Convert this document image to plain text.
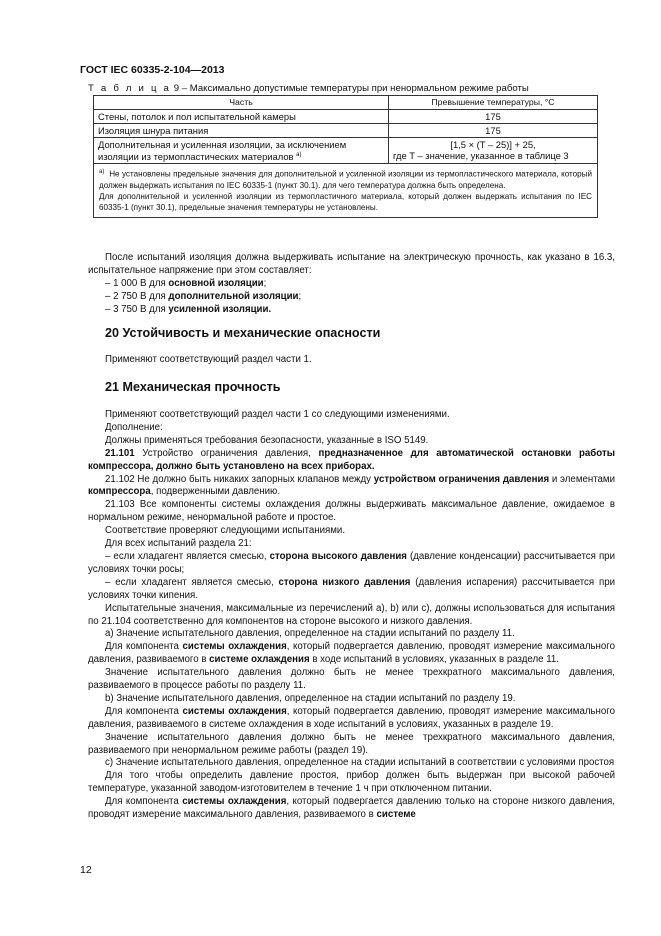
ГОСТ IEC 60335-2-104—2013
Т а б л и ц а 9 – Максимально допустимые температуры при ненормальном режиме работы
Часть	Превышение температуры, °С
Стены, потолок и пол испытательной камеры	175
Изоляция шнура питания	175
Дополнительная и усиленная изоляции, за исключением изоляции из термопластических материалов $^{a)}$	[1,5 × (T – 25)] + 25,
где T – значение, указанное в таблице 3

$^{a)}$ Не установлены предельные значения для дополнительной и усиленной изоляции из термопластического материала, который должен выдержать испытания по IEC 60335-1 (пункт 30.1). для чего температура должна быть определена.
Для дополнительной и усиленной изоляции из термопластичного материала, который должен выдержать испытания по IEC 60335-1 (пункт 30.1), предельные значения температуры не установлены.	

После испытаний изоляция должна выдерживать испытание на электрическую прочность, как указано в 16.3, испытательное напряжение при этом составляет:

– 1 000 В для основной изоляции;

– 2 750 В для дополнительной изоляции;

– 3 750 В для усиленной изоляции.

20 Устойчивость и механические опасности

Применяют соответствующий раздел части 1.

21 Механическая прочность

Применяют соответствующий раздел части 1 со следующими изменениями.

Дополнение:

Должны применяться требования безопасности, указанные в ISO 5149.

21.101 Устройство ограничения давления, предназначенное для автоматической остановки работы компрессора, должно быть установлено на всех приборах.

21.102 Не должно быть никаких запорных клапанов между устройством ограничения давления и элементами компрессора, подверженными давлению.

21.103 Все компоненты системы охлаждения должны выдерживать максимальное давление, ожидаемое в нормальном режиме, ненормальной работе и простое.

Соответствие проверяют следующими испытаниями.

Для всех испытаний раздела 21:

– если хладагент является смесью, сторона высокого давления (давление конденсации) рассчитывается при условиях точки росы;

– если хладагент является смесью, сторона низкого давления (давления испарения) рассчитывается при условиях точки кипения.

Испытательные значения, максимальные из перечислений а), b) или с), должны использоваться для испытания по 21.104 соответственно для компонентов на стороне высокого и низкого давления.

а) Значение испытательного давления, определенное на стадии испытаний по разделу 11.

Для компонента системы охлаждения, который подвергается давлению, проводят измерение максимального давления, развиваемого в системе охлаждения в ходе испытаний в условиях, указанных в разделе 11.

Значение испытательного давления должно быть не менее трехкратного максимального давления, развиваемого в процессе работы по разделу 11.

b) Значение испытательного давления, определенное на стадии испытаний по разделу 19.

Для компонента системы охлаждения, который подвергается давлению, проводят измерение максимального давления, развиваемого в системе охлаждения в ходе испытаний в условиях, указанных в разделе 19.

Значение испытательного давления должно быть не менее трехкратного максимального давления, развиваемого при ненормальном режиме работы (раздел 19).

с) Значение испытательного давления, определенное на стадии испытаний в соответствии с условиями простоя

Для того чтобы определить давление простоя, прибор должен быть выдержан при высокой рабочей температуре, указанной заводом-изготовителем в течение 1 ч при отключенном питании.

Для компонента системы охлаждения, который подвергается давлению только на стороне низкого давления, проводят измерение максимального давления, развиваемого в системе

12
